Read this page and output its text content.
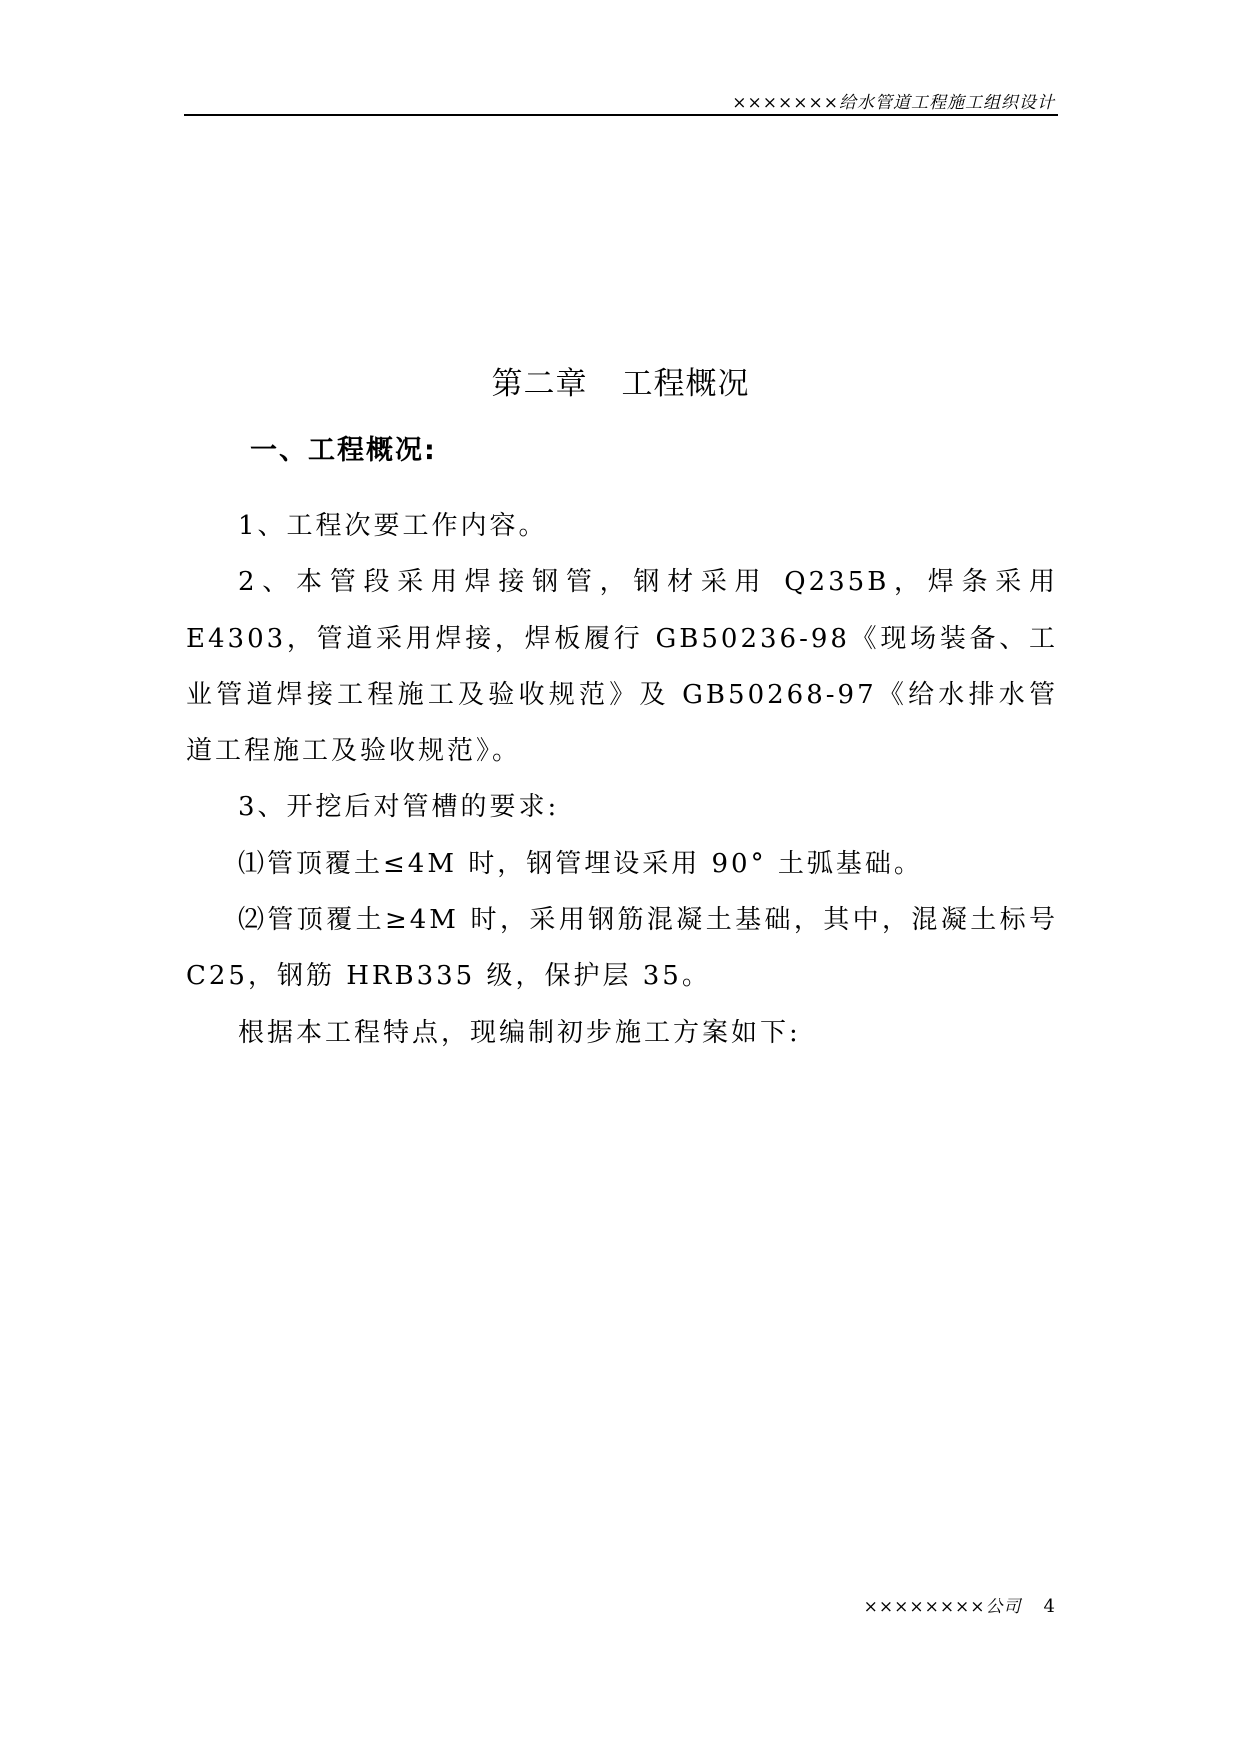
×××××××给水管道工程施工组织设计
第二章 工程概况
一、工程概况:

1、工程次要工作内容。

2、本管段采用焊接钢管，钢材采用 Q235B，焊条采用 E4303，管道采用焊接，焊板履行 GB50236-98《现场装备、工业管道焊接工程施工及验收规范》及 GB50268-97《给水排水管道工程施工及验收规范》。

3、开挖后对管槽的要求:

⑴管顶覆土≤4M 时，钢管埋设采用 90° 土弧基础。

⑵管顶覆土≥4M 时，采用钢筋混凝土基础，其中，混凝土标号 C25，钢筋 HRB335 级，保护层 35。

根据本工程特点，现编制初步施工方案如下:

××××××××公司 4
